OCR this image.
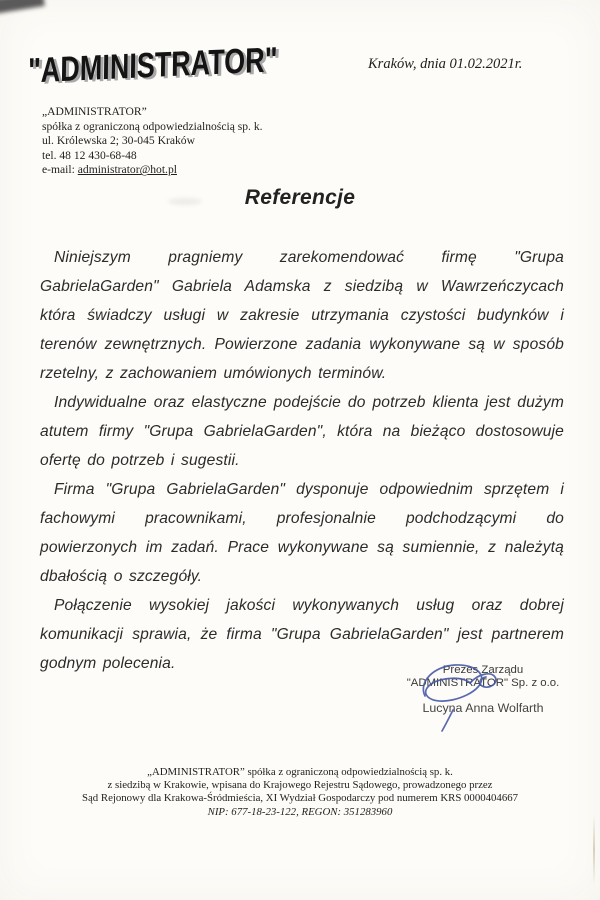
"ADMINISTRATOR"	Kraków, dnia 01.02.2021r.
„ADMINISTRATOR”
spółka z ograniczoną odpowiedzialnością sp. k.
ul. Królewska 2; 30-045 Kraków
tel. 48 12 430-68-48
e-mail: administrator@hot.pl
Referencje

Niniejszym pragniemy zarekomendować firmę "Grupa GabrielaGarden" Gabriela Adamska z siedzibą w Wawrzeńczycach która świadczy usługi w zakresie utrzymania czystości budynków i terenów zewnętrznych. Powierzone zadania wykonywane są w sposób rzetelny, z zachowaniem umówionych terminów.

Indywidualne oraz elastyczne podejście do potrzeb klienta jest dużym atutem firmy "Grupa GabrielaGarden", która na bieżąco dostosowuje ofertę do potrzeb i sugestii.

Firma "Grupa GabrielaGarden" dysponuje odpowiednim sprzętem i fachowymi pracownikami, profesjonalnie podchodzącymi do powierzonych im zadań. Prace wykonywane są sumiennie, z należytą dbałością o szczegóły.

Połączenie wysokiej jakości wykonywanych usług oraz dobrej komunikacji sprawia, że firma "Grupa GabrielaGarden" jest partnerem godnym polecenia.	Prezes Zarządu
"ADMINISTRATOR" Sp. z o.o.
Lucyna Anna Wolfarth
„ADMINISTRATOR” spółka z ograniczoną odpowiedzialnością sp. k.
z siedzibą w Krakowie, wpisana do Krajowego Rejestru Sądowego, prowadzonego przez
Sąd Rejonowy dla Krakowa-Śródmieścia, XI Wydział Gospodarczy pod numerem KRS 0000404667
NIP: 677-18-23-122, REGON: 351283960
